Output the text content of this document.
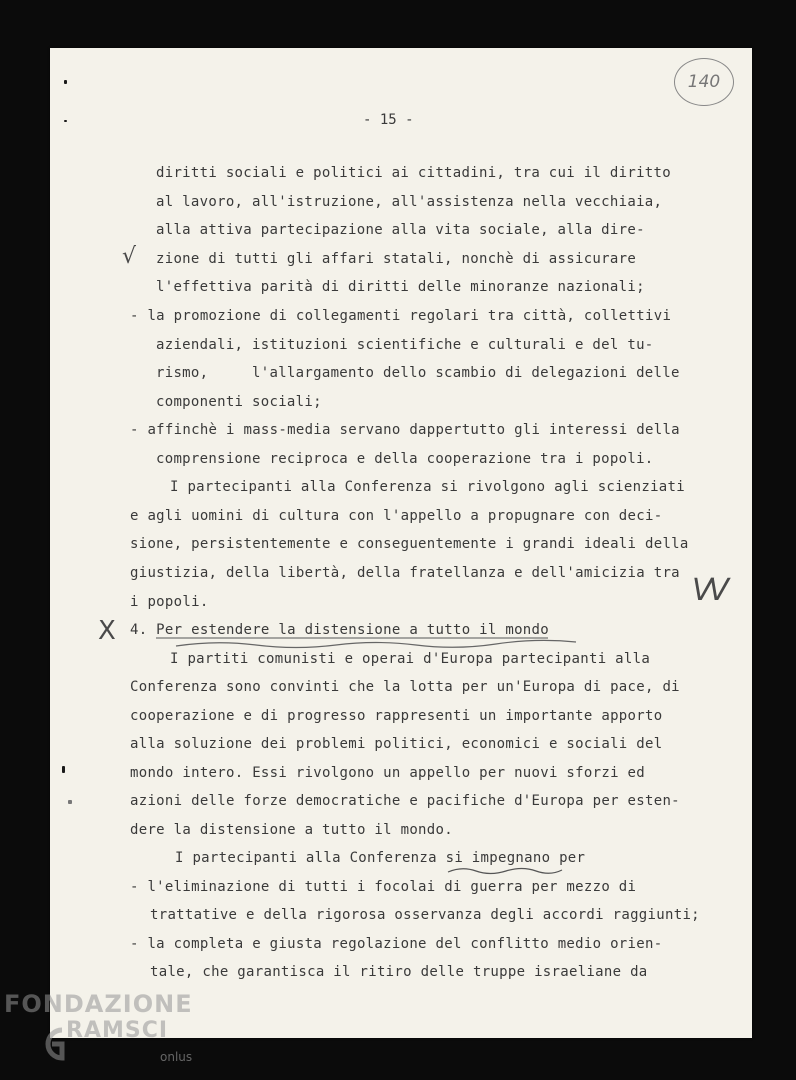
140
- 15 -
diritti sociali e politici ai cittadini, tra cui il diritto
al lavoro, all'istruzione, all'assistenza nella vecchiaia,
alla attiva partecipazione alla vita sociale, alla dire-
zione di tutti gli affari statali, nonchè di assicurare
l'effettiva parità di diritti delle minoranze nazionali;
- la promozione di collegamenti regolari tra città, collettivi
aziendali, istituzioni scientifiche e culturali e del tu-
rismo,     l'allargamento dello scambio di delegazioni delle
componenti sociali;
- affinchè i mass-media servano dappertutto gli interessi della
comprensione reciproca e della cooperazione tra i popoli.
I partecipanti alla Conferenza si rivolgono agli scienziati
e agli uomini di cultura con l'appello a propugnare con deci-
sione, persistentemente e conseguentemente i grandi ideali della
giustizia, della libertà, della fratellanza e dell'amicizia tra
i popoli.
4. Per estendere la distensione a tutto il mondo
I partiti comunisti e operai d'Europa partecipanti alla
Conferenza sono convinti che la lotta per un'Europa di pace, di
cooperazione e di progresso rappresenti un importante apporto
alla soluzione dei problemi politici, economici e sociali del
mondo intero. Essi rivolgono un appello per nuovi sforzi ed
azioni delle forze democratiche e pacifiche d'Europa per esten-
dere la distensione a tutto il mondo.
I partecipanti alla Conferenza si impegnano per
- l'eliminazione di tutti i focolai di guerra per mezzo di
trattative e della rigorosa osservanza degli accordi raggiunti;
- la completa e giusta regolazione del conflitto medio orien-
tale, che garantisca il ritiro delle truppe israeliane da
√
X
VV
FONDAZIONE
RAMSCI
onlus
